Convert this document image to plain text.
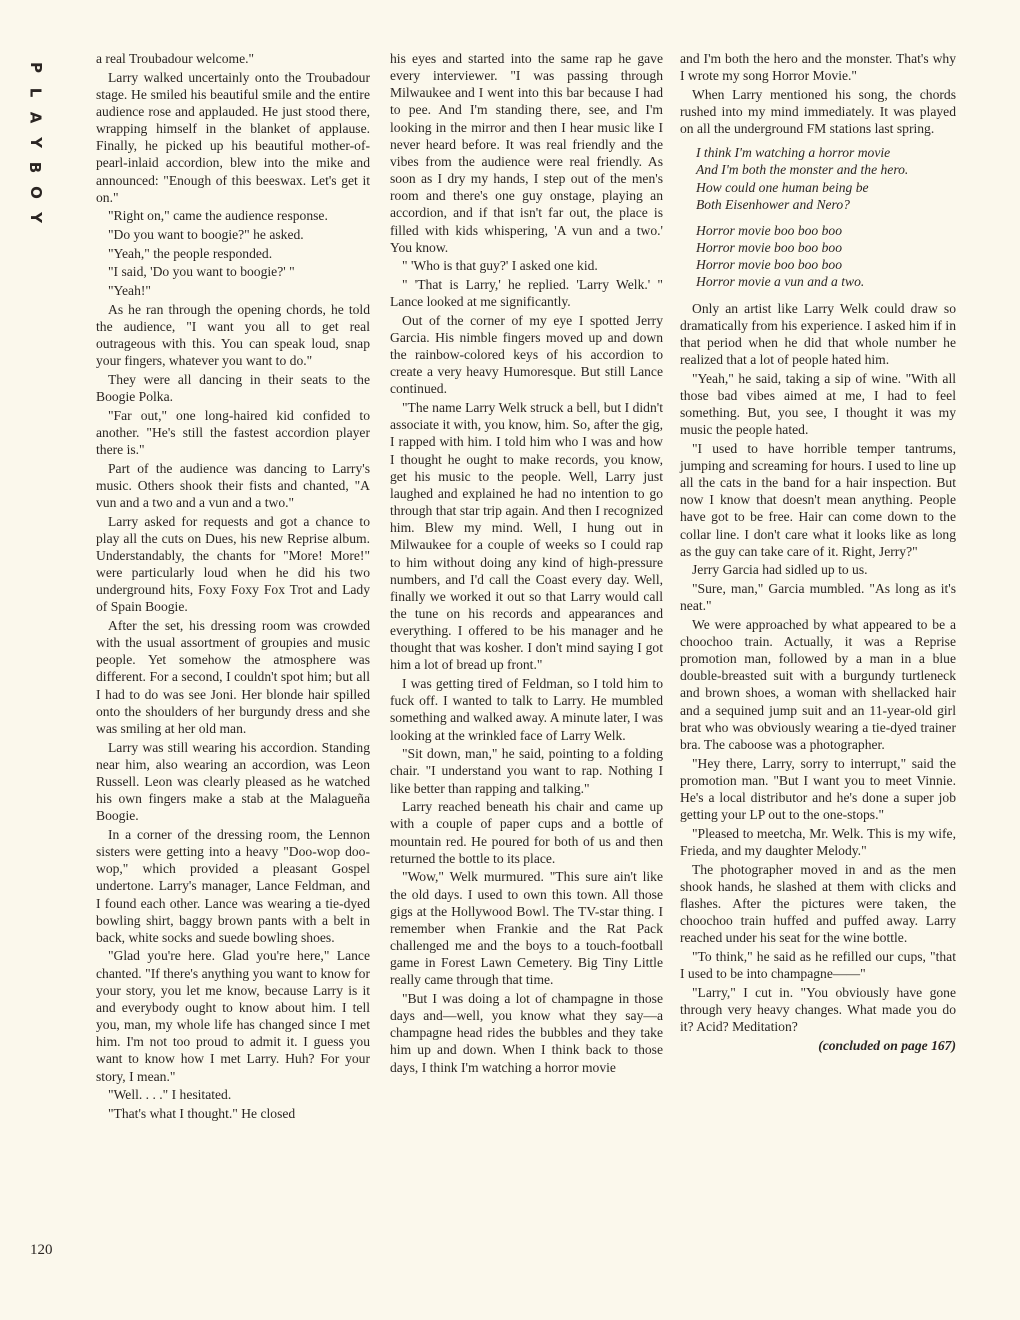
P
L
A
Y
B
O
Y
120

a real Troubadour welcome."

Larry walked uncertainly onto the Troubadour stage. He smiled his beautiful smile and the entire audience rose and applauded. He just stood there, wrapping himself in the blanket of applause. Finally, he picked up his beautiful mother-of-pearl-inlaid accordion, blew into the mike and announced: "Enough of this beeswax. Let's get it on."

"Right on," came the audience response.

"Do you want to boogie?" he asked.

"Yeah," the people responded.

"I said, 'Do you want to boogie?' "

"Yeah!"

As he ran through the opening chords, he told the audience, "I want you all to get real outrageous with this. You can speak loud, snap your fingers, whatever you want to do."

They were all dancing in their seats to the Boogie Polka.

"Far out," one long-haired kid confided to another. "He's still the fastest accordion player there is."

Part of the audience was dancing to Larry's music. Others shook their fists and chanted, "A vun and a two and a vun and a two."

Larry asked for requests and got a chance to play all the cuts on Dues, his new Reprise album. Understandably, the chants for "More! More!" were particularly loud when he did his two underground hits, Foxy Foxy Fox Trot and Lady of Spain Boogie.

After the set, his dressing room was crowded with the usual assortment of groupies and music people. Yet somehow the atmosphere was different. For a second, I couldn't spot him; but all I had to do was see Joni. Her blonde hair spilled onto the shoulders of her burgundy dress and she was smiling at her old man.

Larry was still wearing his accordion. Standing near him, also wearing an accordion, was Leon Russell. Leon was clearly pleased as he watched his own fingers make a stab at the Malagueña Boogie.

In a corner of the dressing room, the Lennon sisters were getting into a heavy "Doo-wop doo-wop," which provided a pleasant Gospel undertone. Larry's manager, Lance Feldman, and I found each other. Lance was wearing a tie-dyed bowling shirt, baggy brown pants with a belt in back, white socks and suede bowling shoes.

"Glad you're here. Glad you're here," Lance chanted. "If there's anything you want to know for your story, you let me know, because Larry is it and everybody ought to know about him. I tell you, man, my whole life has changed since I met him. I'm not too proud to admit it. I guess you want to know how I met Larry. Huh? For your story, I mean."

"Well. . . ." I hesitated.

"That's what I thought." He closed

his eyes and started into the same rap he gave every interviewer. "I was passing through Milwaukee and I went into this bar because I had to pee. And I'm standing there, see, and I'm looking in the mirror and then I hear music like I never heard before. It was real friendly and the vibes from the audience were real friendly. As soon as I dry my hands, I step out of the men's room and there's one guy onstage, playing an accordion, and if that isn't far out, the place is filled with kids whispering, 'A vun and a two.' You know.

" 'Who is that guy?' I asked one kid.

" 'That is Larry,' he replied. 'Larry Welk.' " Lance looked at me significantly.

Out of the corner of my eye I spotted Jerry Garcia. His nimble fingers moved up and down the rainbow-colored keys of his accordion to create a very heavy Humoresque. But still Lance continued.

"The name Larry Welk struck a bell, but I didn't associate it with, you know, him. So, after the gig, I rapped with him. I told him who I was and how I thought he ought to make records, you know, get his music to the people. Well, Larry just laughed and explained he had no intention to go through that star trip again. And then I recognized him. Blew my mind. Well, I hung out in Milwaukee for a couple of weeks so I could rap to him without doing any kind of high-pressure numbers, and I'd call the Coast every day. Well, finally we worked it out so that Larry would call the tune on his records and appearances and everything. I offered to be his manager and he thought that was kosher. I don't mind saying I got him a lot of bread up front."

I was getting tired of Feldman, so I told him to fuck off. I wanted to talk to Larry. He mumbled something and walked away. A minute later, I was looking at the wrinkled face of Larry Welk.

"Sit down, man," he said, pointing to a folding chair. "I understand you want to rap. Nothing I like better than rapping and talking."

Larry reached beneath his chair and came up with a couple of paper cups and a bottle of mountain red. He poured for both of us and then returned the bottle to its place.

"Wow," Welk murmured. "This sure ain't like the old days. I used to own this town. All those gigs at the Hollywood Bowl. The TV-star thing. I remember when Frankie and the Rat Pack challenged me and the boys to a touch-football game in Forest Lawn Cemetery. Big Tiny Little really came through that time.

"But I was doing a lot of champagne in those days and—well, you know what they say—a champagne head rides the bubbles and they take him up and down. When I think back to those days, I think I'm watching a horror movie

and I'm both the hero and the monster. That's why I wrote my song Horror Movie."

When Larry mentioned his song, the chords rushed into my mind immediately. It was played on all the underground FM stations last spring.

I think I'm watching a horror movie
And I'm both the monster and the hero.
How could one human being be
Both Eisenhower and Nero?
Horror movie boo boo boo
Horror movie boo boo boo
Horror movie boo boo boo
Horror movie a vun and a two.

Only an artist like Larry Welk could draw so dramatically from his experience. I asked him if in that period when he did that whole number he realized that a lot of people hated him.

"Yeah," he said, taking a sip of wine. "With all those bad vibes aimed at me, I had to feel something. But, you see, I thought it was my music the people hated.

"I used to have horrible temper tantrums, jumping and screaming for hours. I used to line up all the cats in the band for a hair inspection. But now I know that doesn't mean anything. People have got to be free. Hair can come down to the collar line. I don't care what it looks like as long as the guy can take care of it. Right, Jerry?"

Jerry Garcia had sidled up to us.

"Sure, man," Garcia mumbled. "As long as it's neat."

We were approached by what appeared to be a choochoo train. Actually, it was a Reprise promotion man, followed by a man in a blue double-breasted suit with a burgundy turtleneck and brown shoes, a woman with shellacked hair and a sequined jump suit and an 11-year-old girl brat who was obviously wearing a tie-dyed trainer bra. The caboose was a photographer.

"Hey there, Larry, sorry to interrupt," said the promotion man. "But I want you to meet Vinnie. He's a local distributor and he's done a super job getting your LP out to the one-stops."

"Pleased to meetcha, Mr. Welk. This is my wife, Frieda, and my daughter Melody."

The photographer moved in and as the men shook hands, he slashed at them with clicks and flashes. After the pictures were taken, the choochoo train huffed and puffed away. Larry reached under his seat for the wine bottle.

"To think," he said as he refilled our cups, "that I used to be into champagne——"

"Larry," I cut in. "You obviously have gone through very heavy changes. What made you do it? Acid? Meditation?

(concluded on page 167)
